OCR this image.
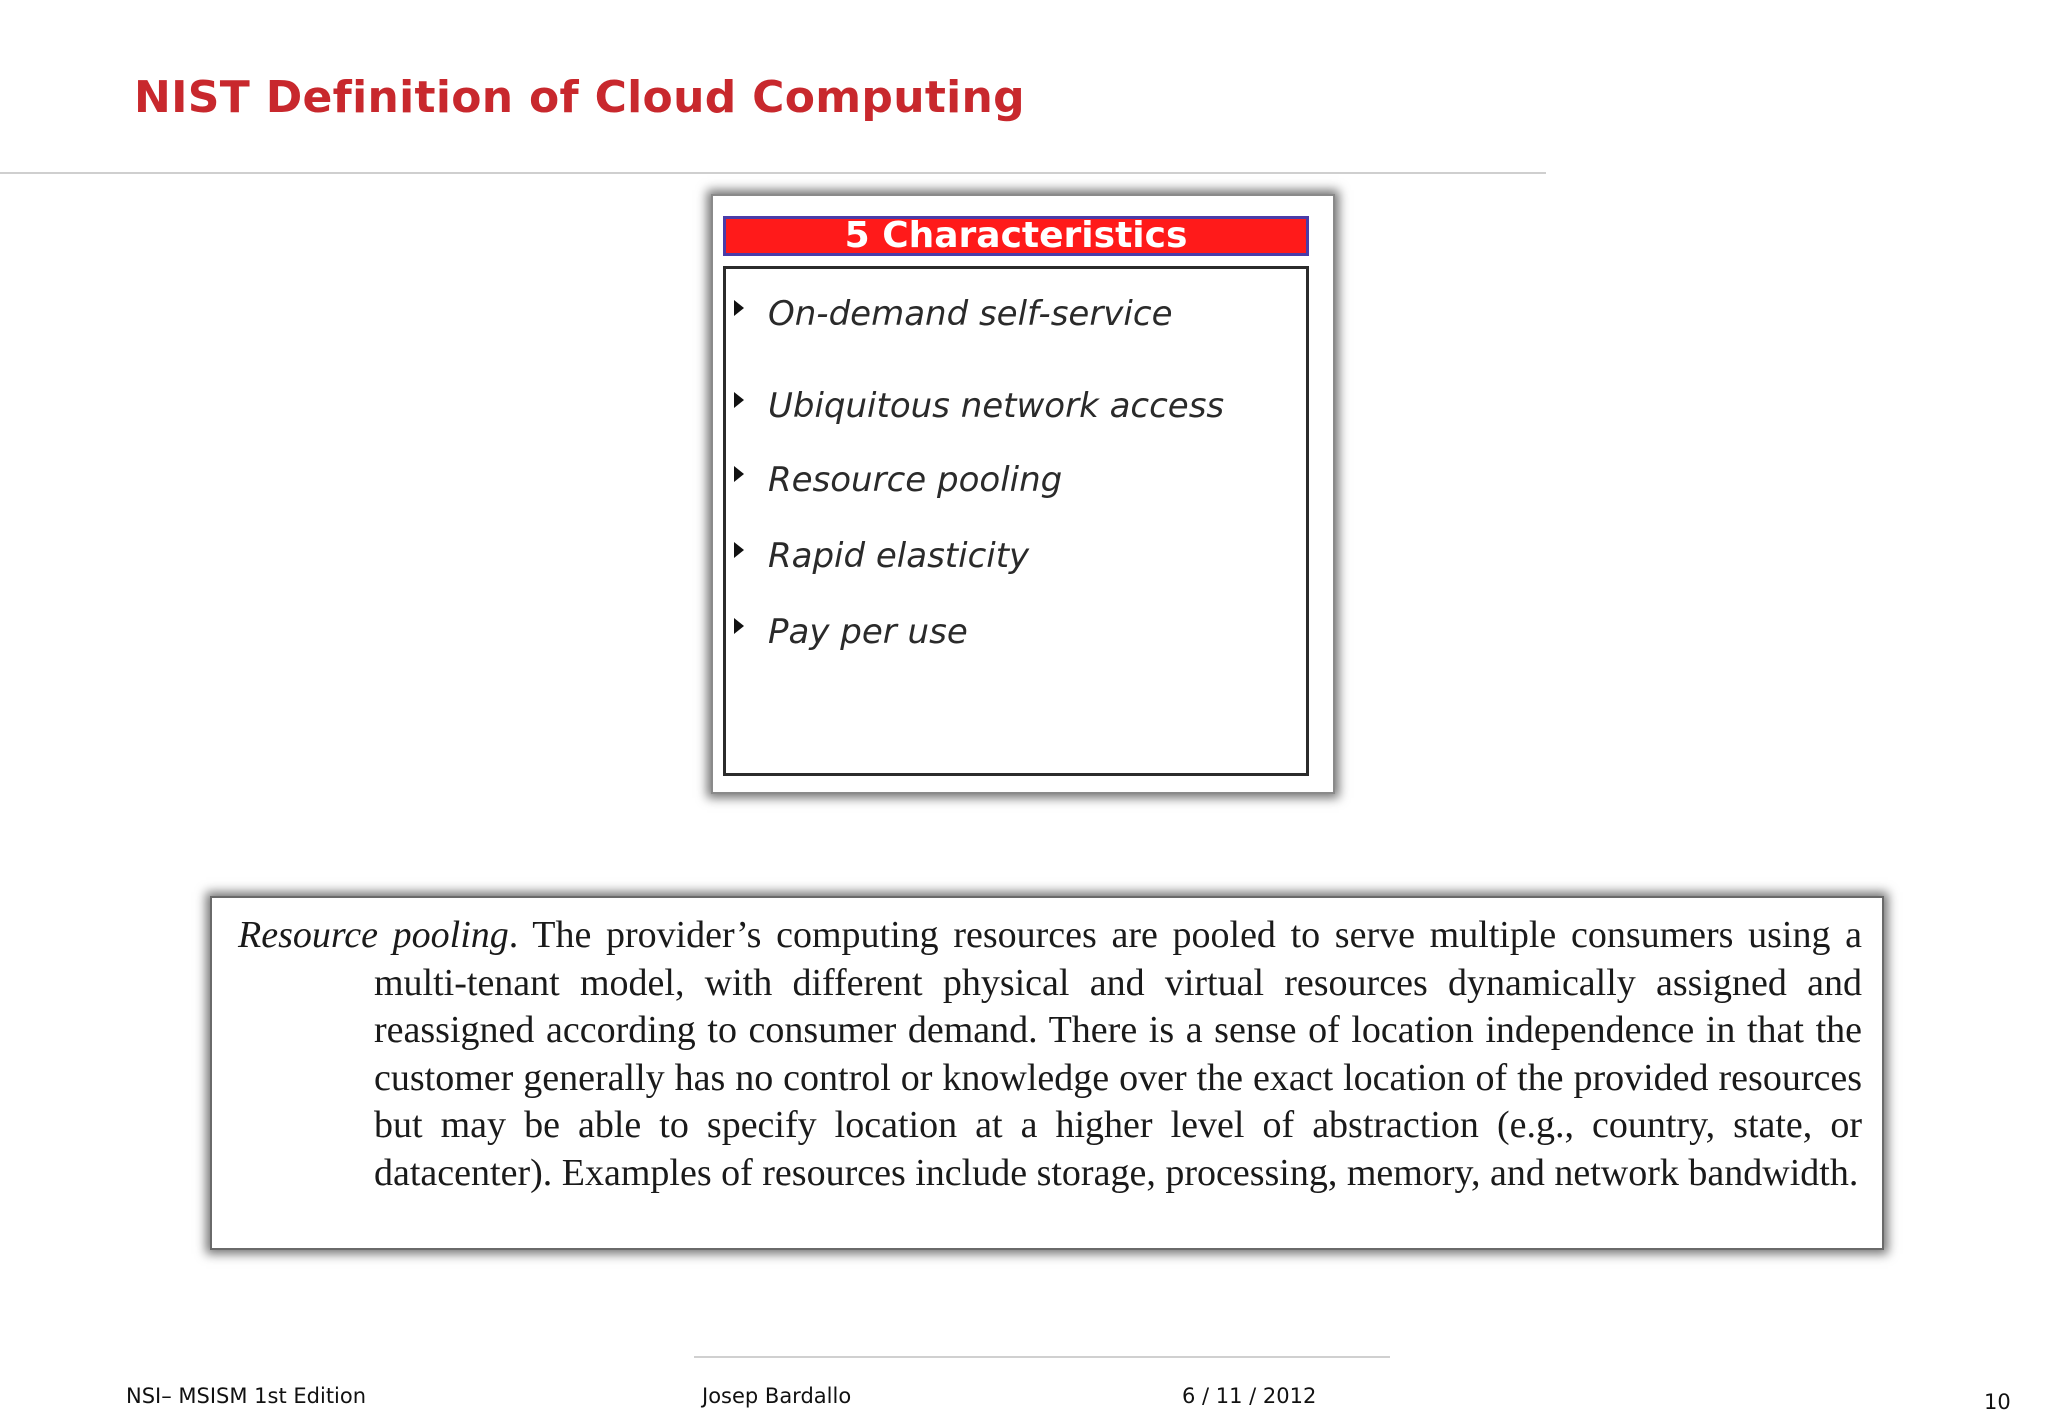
NIST Definition of Cloud Computing
5 Characteristics
On-demand self-service
Ubiquitous network access
Resource pooling
Rapid elasticity
Pay per use

Resource pooling. The provider’s computing resources are pooled to serve multiple consumers using a multi-tenant model, with different physical and virtual resources dynamically assigned and reassigned according to consumer demand. There is a sense of location independence in that the customer generally has no control or knowledge over the exact location of the provided resources but may be able to specify location at a higher level of abstraction (e.g., country, state, or datacenter). Examples of resources include storage, processing, memory, and network bandwidth.

NSI– MSISM 1st Edition	Josep Bardallo	6 / 11 / 2012	10
